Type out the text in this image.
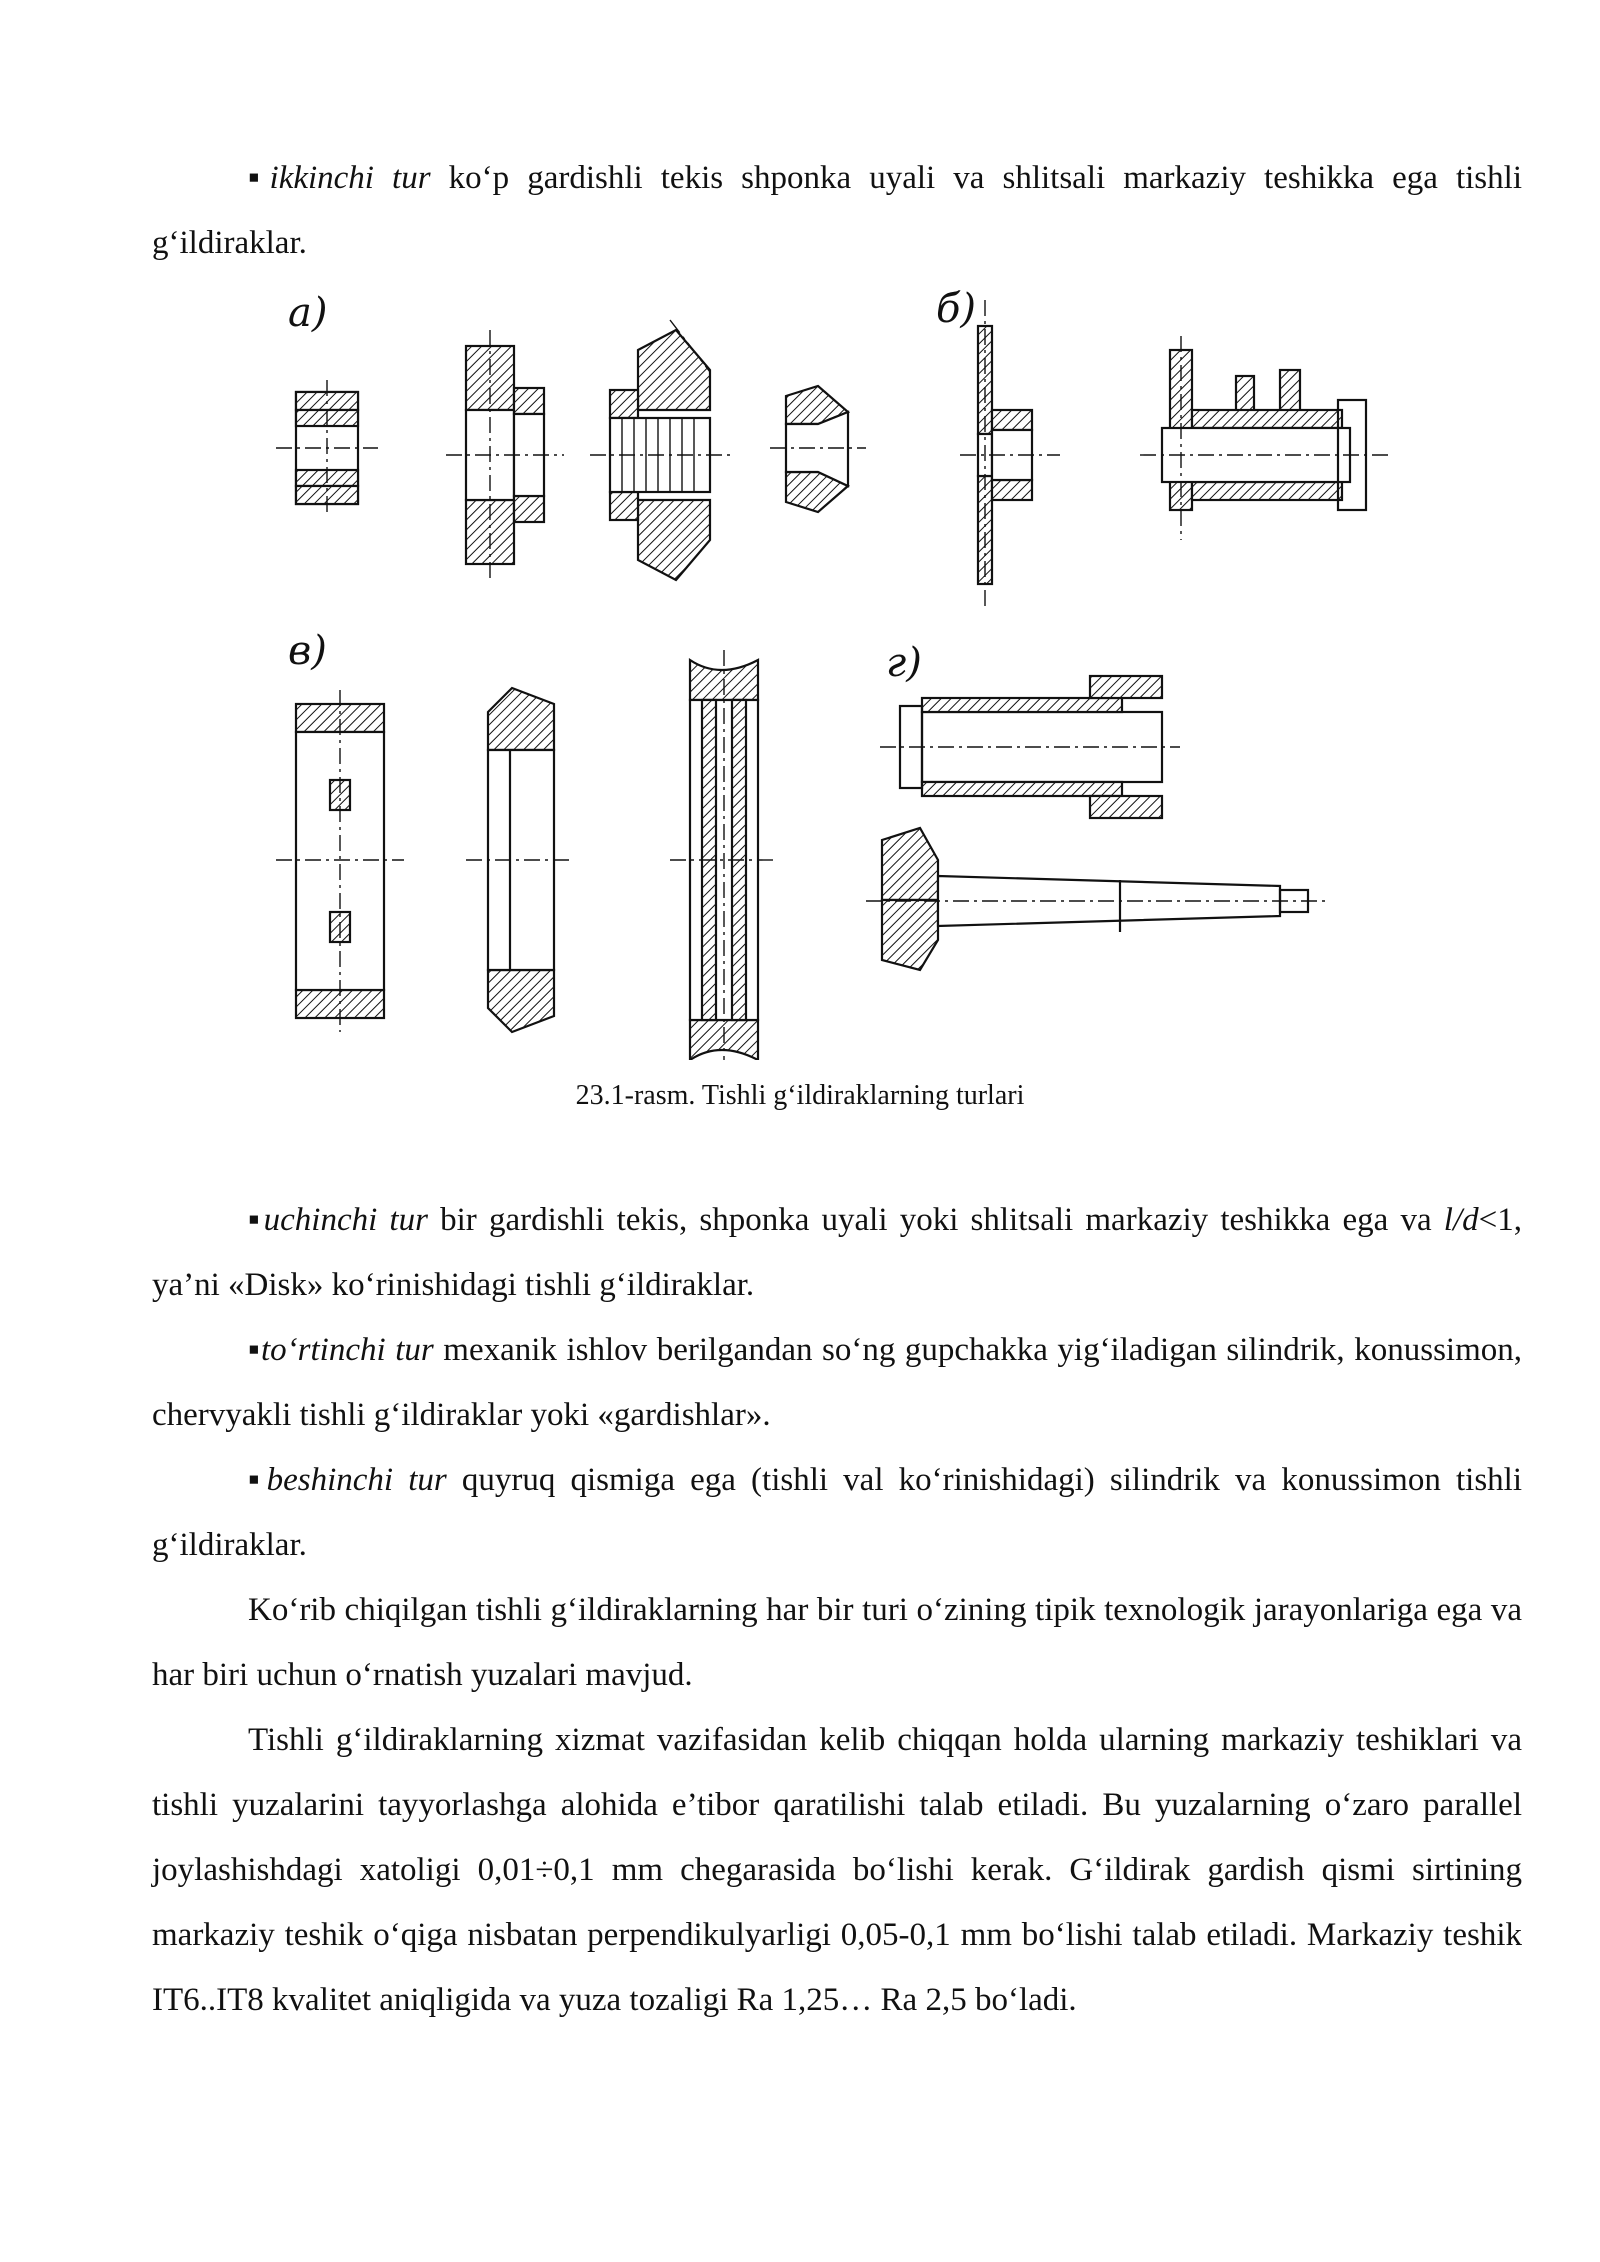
▪ikkinchi tur ko‘p gardishli tekis shponka uyali va shlitsali markaziy teshikka ega tishli g‘ildiraklar.

а)	б)
в)	г)
23.1-rasm. Tishli g‘ildiraklarning turlari

▪uchinchi tur bir gardishli tekis, shponka uyali yoki shlitsali markaziy teshikka ega va l/d<1, ya’ni «Disk» ko‘rinishidagi tishli g‘ildiraklar.

▪to‘rtinchi tur mexanik ishlov berilgandan so‘ng gupchakka yig‘iladigan silindrik, konussimon, chervyakli tishli g‘ildiraklar yoki «gardishlar».

▪beshinchi tur quyruq qismiga ega (tishli val ko‘rinishidagi) silindrik va konussimon tishli g‘ildiraklar.

Ko‘rib chiqilgan tishli g‘ildiraklarning har bir turi o‘zining tipik texnologik jarayonlariga ega va har biri uchun o‘rnatish yuzalari mavjud.

Tishli g‘ildiraklarning xizmat vazifasidan kelib chiqqan holda ularning markaziy teshiklari va tishli yuzalarini tayyorlashga alohida e’tibor qaratilishi talab etiladi. Bu yuzalarning o‘zaro parallel joylashishdagi xatoligi 0,01÷0,1 mm chegarasida bo‘lishi kerak. G‘ildirak gardish qismi sirtining markaziy teshik o‘qiga nisbatan perpendikulyarligi 0,05-0,1 mm bo‘lishi talab etiladi. Markaziy teshik IT6..IT8 kvalitet aniqligida va yuza tozaligi Ra 1,25… Ra 2,5 bo‘ladi.
